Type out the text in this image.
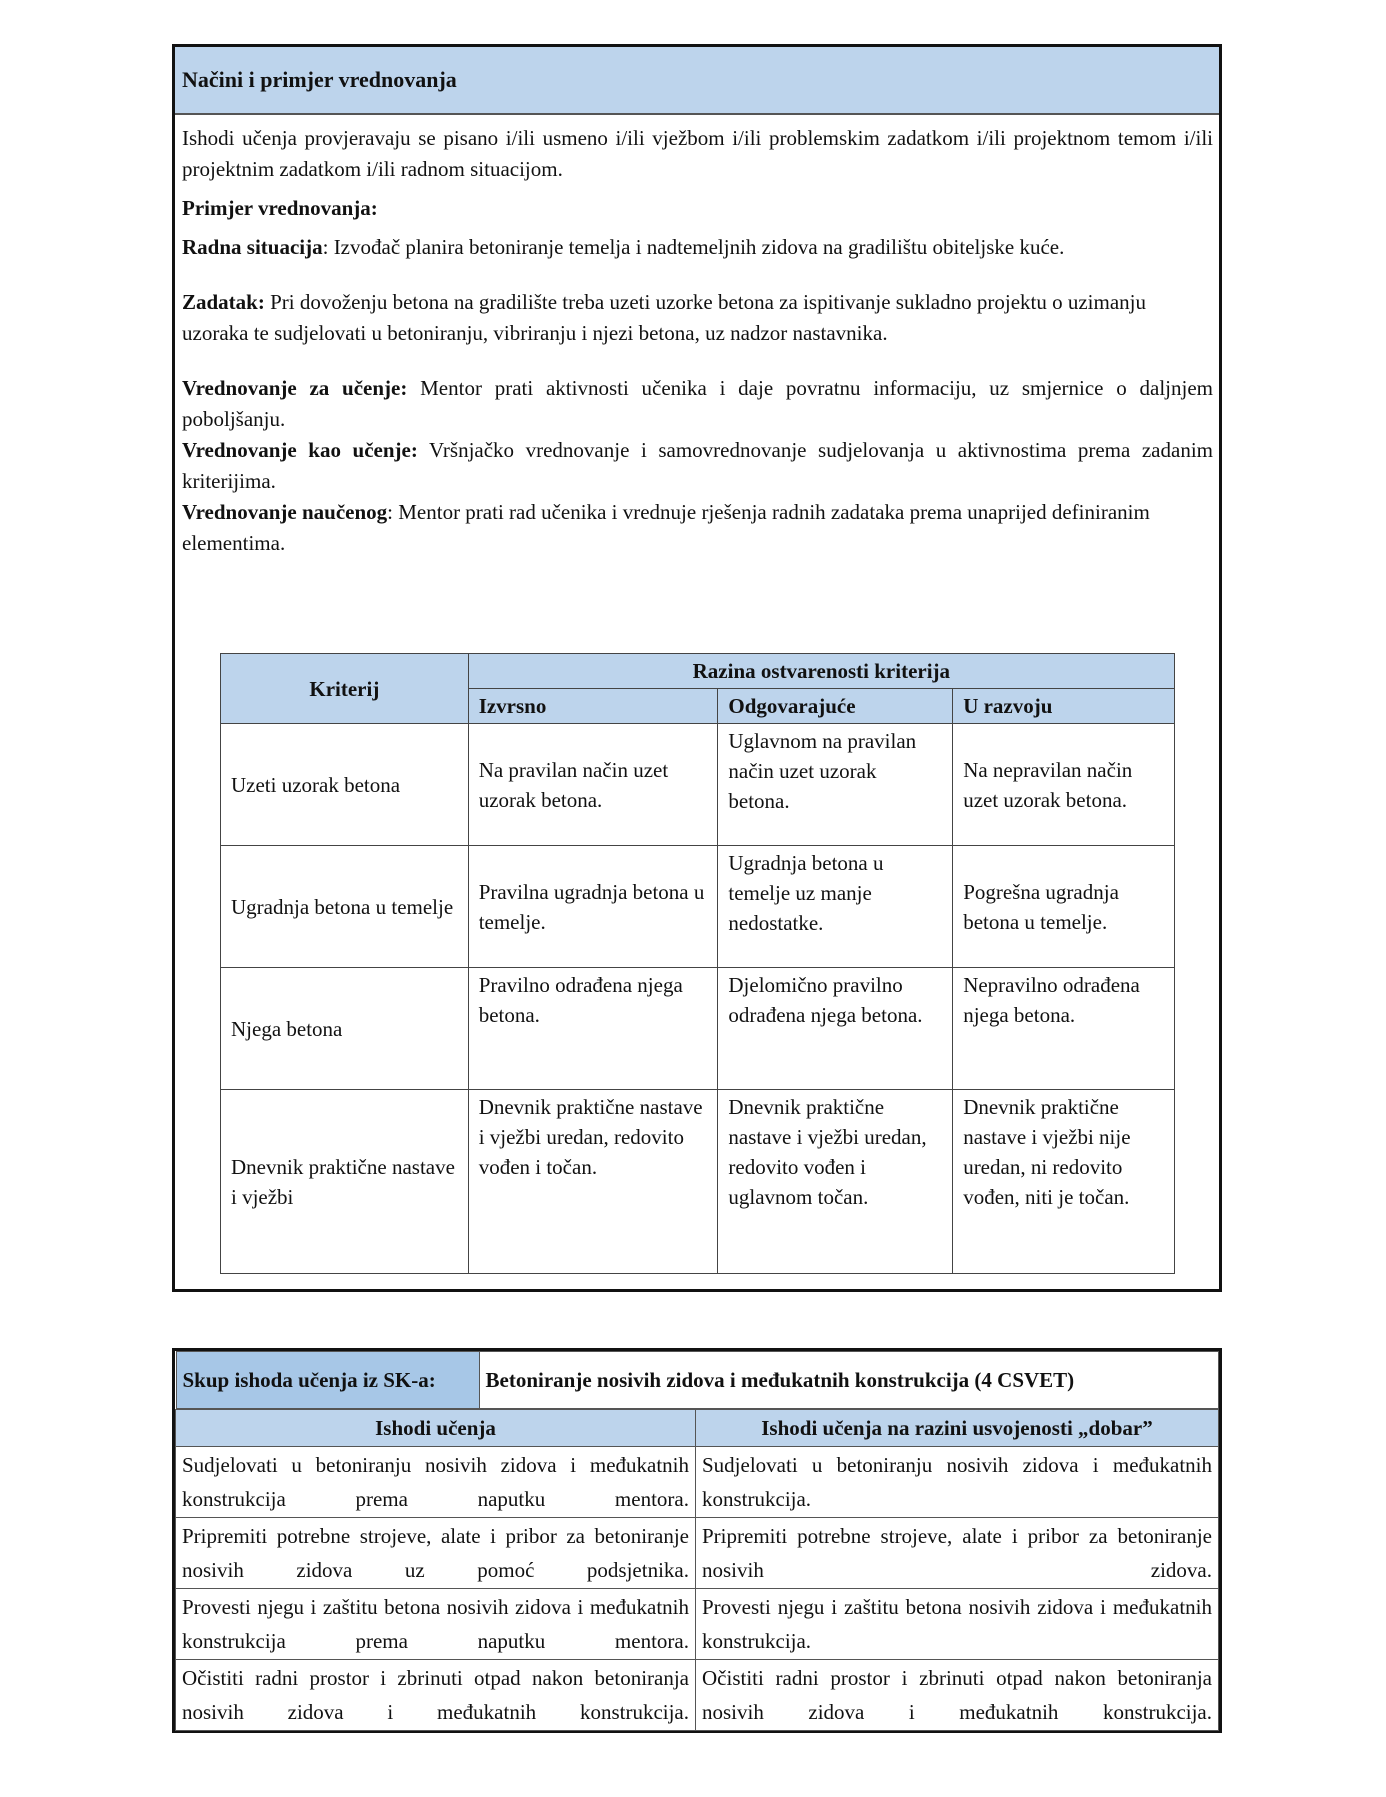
Načini i primjer vrednovanja

Ishodi učenja provjeravaju se pisano i/ili usmeno i/ili vježbom i/ili problemskim zadatkom i/ili projektnom temom i/ili projektnim zadatkom i/ili radnom situacijom.

Primjer vrednovanja:

Radna situacija: Izvođač planira betoniranje temelja i nadtemeljnih zidova na gradilištu obiteljske kuće.

Zadatak: Pri dovoženju betona na gradilište treba uzeti uzorke betona za ispitivanje sukladno projektu o uzimanju uzoraka te sudjelovati u betoniranju, vibriranju i njezi betona, uz nadzor nastavnika.

Vrednovanje za učenje: Mentor prati aktivnosti učenika i daje povratnu informaciju, uz smjernice o daljnjem poboljšanju.

Vrednovanje kao učenje: Vršnjačko vrednovanje i samovrednovanje sudjelovanja u aktivnostima prema zadanim kriterijima.

Vrednovanje naučenog: Mentor prati rad učenika i vrednuje rješenja radnih zadataka prema unaprijed definiranim elementima.

Kriterij	Razina ostvarenosti kriterija		
	Izvrsno	Odgovarajuće	U razvoju
Uzeti uzorak betona	Na pravilan način uzet uzorak betona.	Uglavnom na pravilan način uzet uzorak betona.	Na nepravilan način uzet uzorak betona.
Ugradnja betona u temelje	Pravilna ugradnja betona u temelje.	Ugradnja betona u temelje uz manje nedostatke.	Pogrešna ugradnja betona u temelje.
Njega betona	Pravilno odrađena njega betona.	Djelomično pravilno odrađena njega betona.	Nepravilno odrađena njega betona.
Dnevnik praktične nastave i vježbi	Dnevnik praktične nastave i vježbi uredan, redovito vođen i točan.	Dnevnik praktične nastave i vježbi uredan, redovito vođen i uglavnom točan.	Dnevnik praktične nastave i vježbi nije uredan, ni redovito vođen, niti je točan.
Skup ishoda učenja iz SK-a:	Betoniranje nosivih zidova i međukatnih konstrukcija (4 CSVET)

Ishodi učenja	Ishodi učenja na razini usvojenosti „dobar”
Sudjelovati u betoniranju nosivih zidova i međukatnih konstrukcija prema naputku mentora.	Sudjelovati u betoniranju nosivih zidova i međukatnih konstrukcija.
Pripremiti potrebne strojeve, alate i pribor za betoniranje nosivih zidova uz pomoć podsjetnika.	Pripremiti potrebne strojeve, alate i pribor za betoniranje nosivih zidova.
Provesti njegu i zaštitu betona nosivih zidova i međukatnih konstrukcija prema naputku mentora.	Provesti njegu i zaštitu betona nosivih zidova i međukatnih konstrukcija.
Očistiti radni prostor i zbrinuti otpad nakon betoniranja nosivih zidova i međukatnih konstrukcija.	Očistiti radni prostor i zbrinuti otpad nakon betoniranja nosivih zidova i međukatnih konstrukcija.
